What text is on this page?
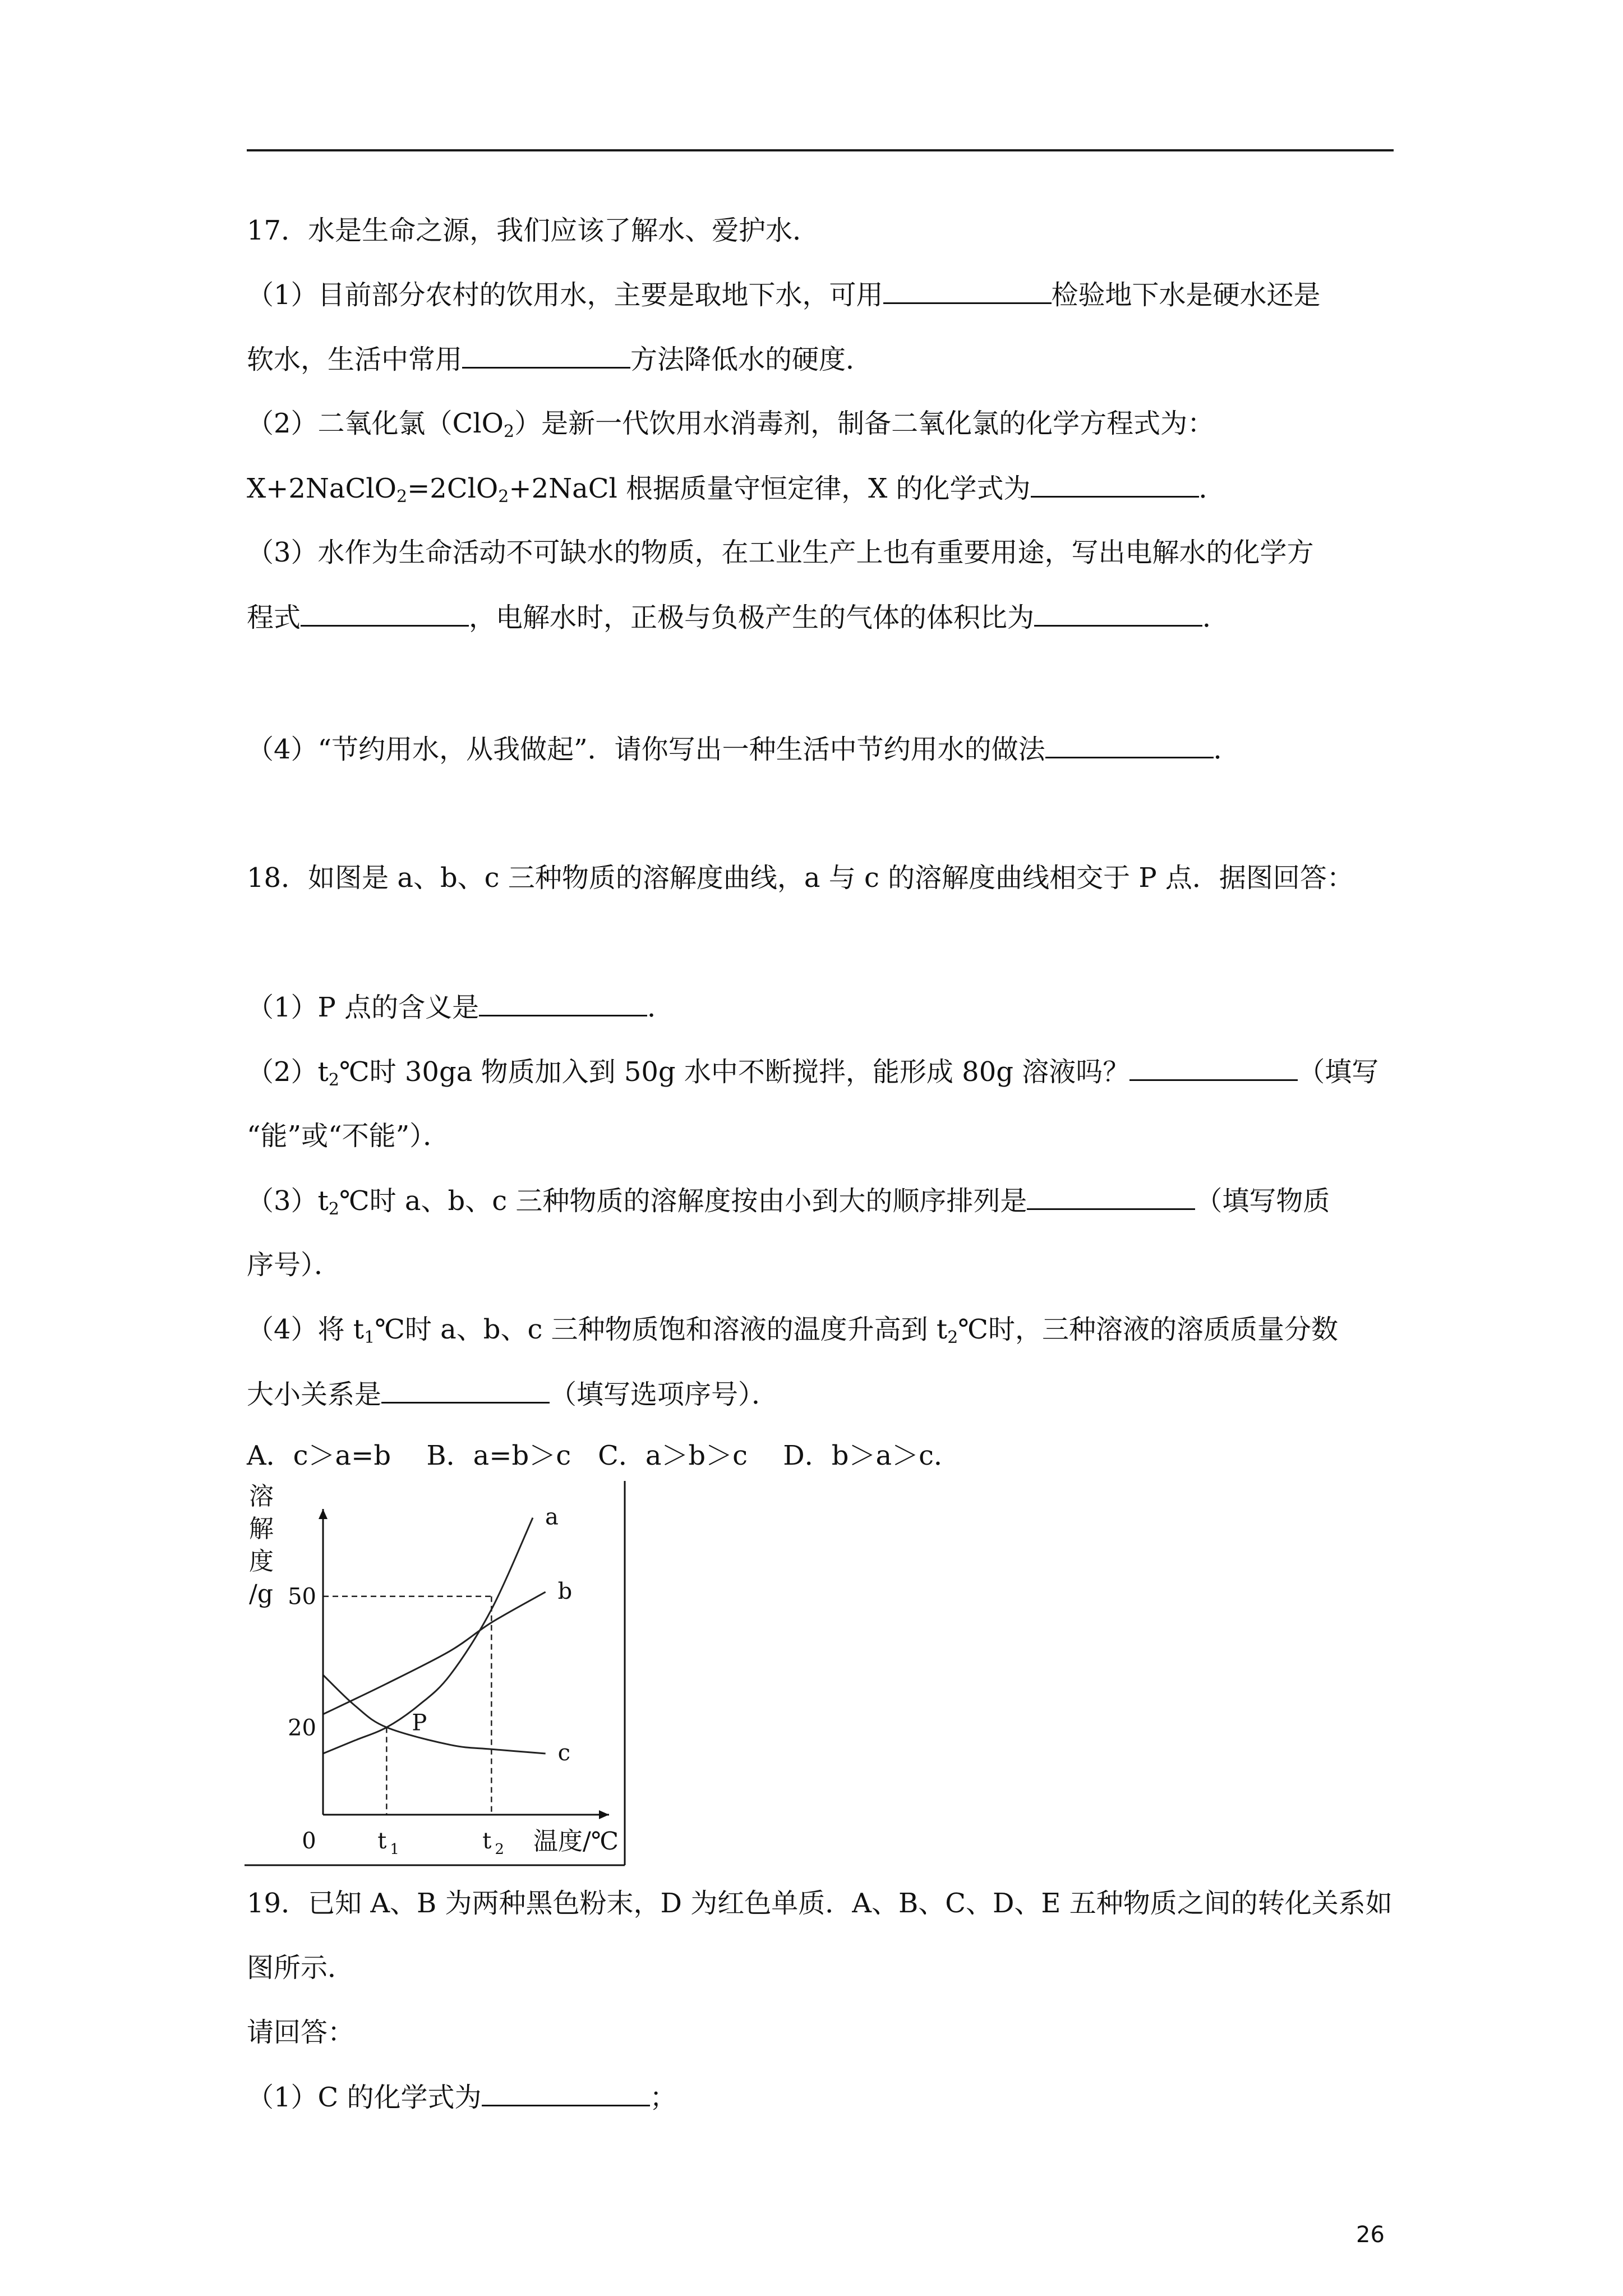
17．水是生命之源，我们应该了解水、爱护水．
（1）目前部分农村的饮用水，主要是取地下水，可用	检验地下水是硬水还是
软水，生活中常用	方法降低水的硬度．
（2）二氧化氯（ClO$_2$）是新一代饮用水消毒剂，制备二氧化氯的化学方程式为：
X+2NaClO$_2$=2ClO$_2$+2NaCl 根据质量守恒定律，X 的化学式为	．
（3）水作为生命活动不可缺水的物质，在工业生产上也有重要用途，写出电解水的化学方
程式	，电解水时，正极与负极产生的气体的体积比为	．
（4）“节约用水，从我做起”．请你写出一种生活中节约用水的做法	．
18．如图是 a、b、c 三种物质的溶解度曲线，a 与 c 的溶解度曲线相交于 P 点．据图回答：
（1）P 点的含义是	．
$(2)t_2℃$时 30ga 物质加入到 50g 水中不断搅拌，能形成 80g 溶液吗？	（填写
“能”或“不能”）．
$(3)t_2℃$时 a、b、c 三种物质的溶解度按由小到大的顺序排列是	（填写物质
序号）．
（4）将 $t_1℃$时 a、b、c 三种物质饱和溶液的温度升高到 $t_2℃$时，三种溶液的溶质质量分数
大小关系是	（填写选项序号）．
A．c＞a=b　 B．a=b＞c　C．a＞b＞c　 D．b＞a＞c．
a
b
c
20
50
0	t 1	t 2 温度/℃
溶
解
度
/g
P
19．已知 A、B 为两种黑色粉末，D 为红色单质．A、B、C、D、E 五种物质之间的转化关系如
图所示．
请回答：
（1）C 的化学式为	；
26
